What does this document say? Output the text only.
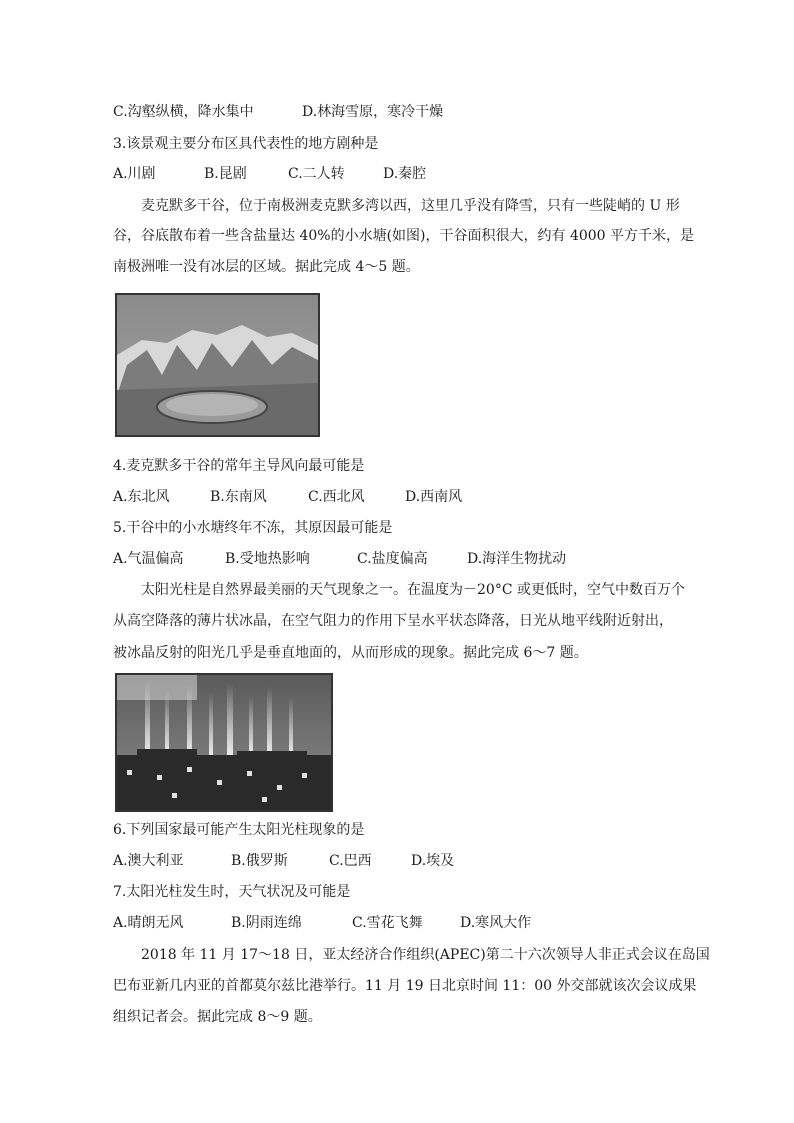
C.沟壑纵横，降水集中	D.林海雪原，寒冷干燥
3.该景观主要分布区具代表性的地方剧种是
A.川剧	B.昆剧	C.二人转	D.秦腔
麦克默多干谷，位于南极洲麦克默多湾以西，这里几乎没有降雪，只有一些陡峭的 U 形
谷，谷底散布着一些含盐量达 40%的小水塘(如图)，干谷面积很大，约有 4000 平方千米，是
南极洲唯一没有冰层的区域。据此完成 4～5 题。
4.麦克默多干谷的常年主导风向最可能是
A.东北风	B.东南风	C.西北风	D.西南风
5.干谷中的小水塘终年不冻，其原因最可能是
A.气温偏高	B.受地热影响	C.盐度偏高	D.海洋生物扰动
太阳光柱是自然界最美丽的天气现象之一。在温度为－20°C 或更低时，空气中数百万个
从高空降落的薄片状冰晶，在空气阻力的作用下呈水平状态降落，日光从地平线附近射出，
被冰晶反射的阳光几乎是垂直地面的，从而形成的现象。据此完成 6～7 题。
6.下列国家最可能产生太阳光柱现象的是
A.澳大利亚	B.俄罗斯	C.巴西	D.埃及
7.太阳光柱发生时，天气状况及可能是
A.晴朗无风	B.阴雨连绵	C.雪花飞舞	D.寒风大作
2018 年 11 月 17～18 日，亚太经济合作组织(APEC)第二十六次领导人非正式会议在岛国
巴布亚新几内亚的首都莫尔兹比港举行。11 月 19 日北京时间 11：00 外交部就该次会议成果
组织记者会。据此完成 8～9 题。
